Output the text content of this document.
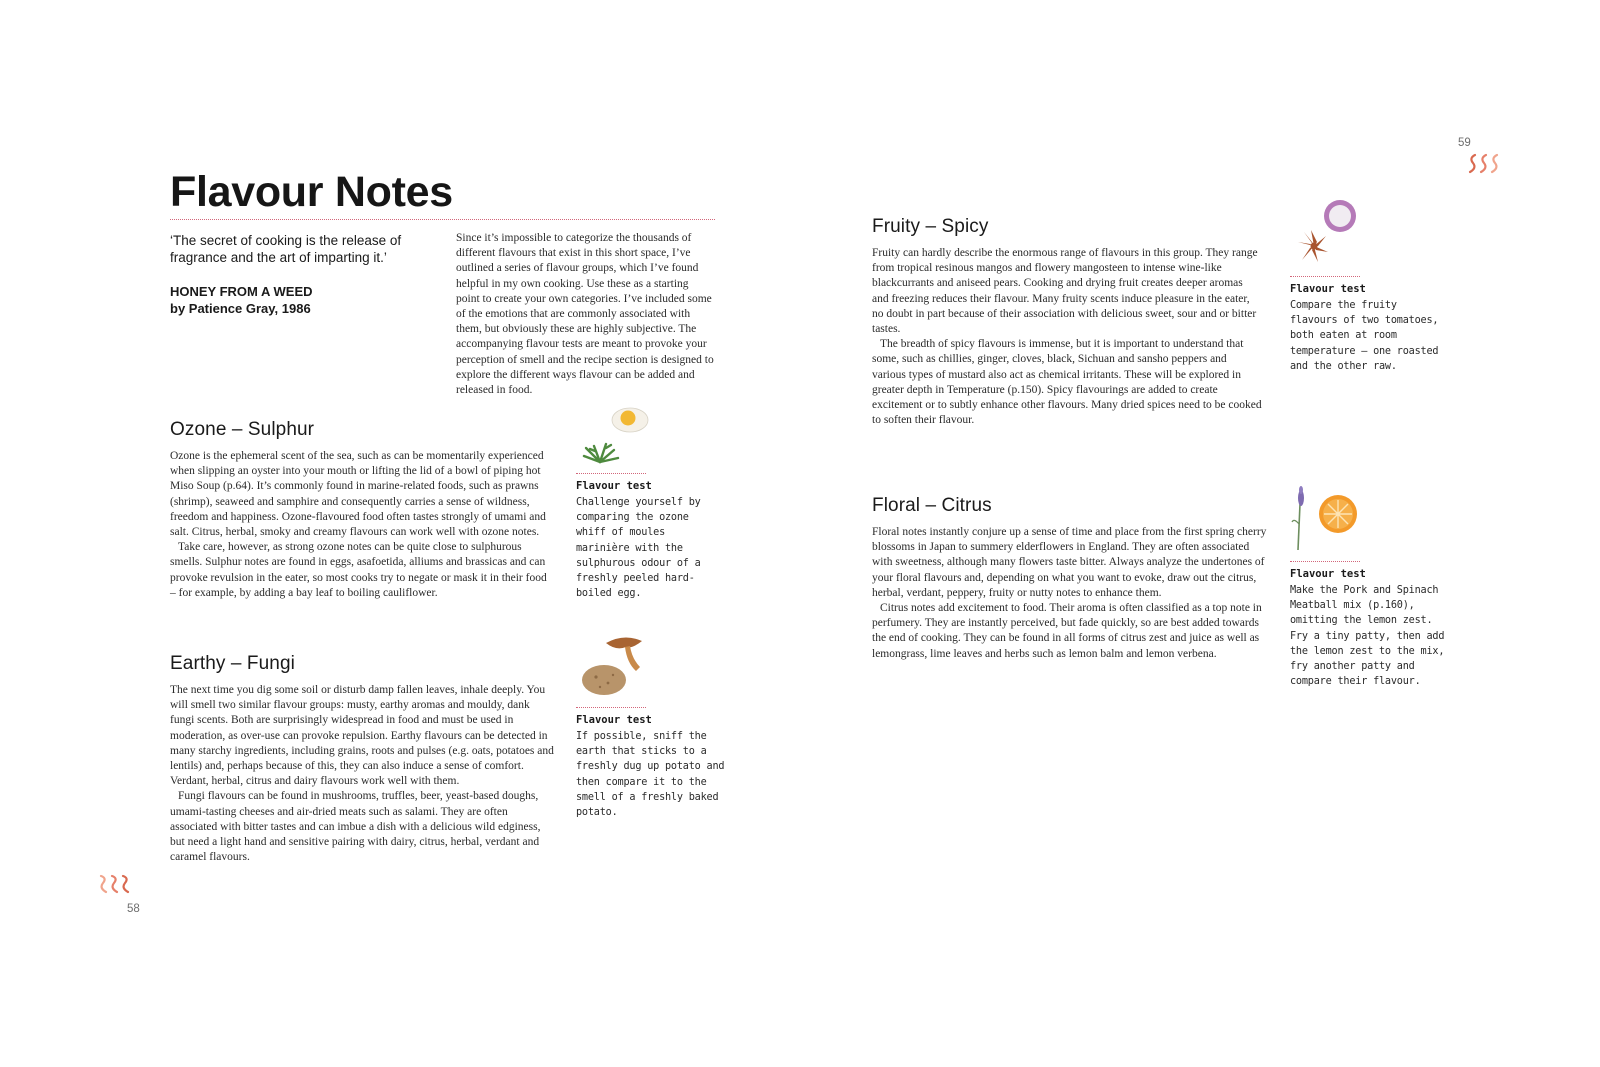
Flavour Notes
‘The secret of cooking is the release of fragrance and the art of imparting it.’
HONEY FROM A WEED
by Patience Gray, 1986

Since it’s impossible to categorize the thousands of different flavours that exist in this short space, I’ve outlined a series of flavour groups, which I’ve found helpful in my own cooking. Use these as a starting point to create your own categories. I’ve included some of the emotions that are commonly associated with them, but obviously these are highly subjective. The accompanying flavour tests are meant to provoke your perception of smell and the recipe section is designed to explore the different ways flavour can be added and released in food.

Ozone – Sulphur

Ozone is the ephemeral scent of the sea, such as can be momentarily experienced when slipping an oyster into your mouth or lifting the lid of a bowl of piping hot Miso Soup (p.64). It’s commonly found in marine-related foods, such as prawns (shrimp), seaweed and samphire and consequently carries a sense of wildness, freedom and happiness. Ozone-flavoured food often tastes strongly of umami and salt. Citrus, herbal, smoky and creamy flavours can work well with ozone notes.

Take care, however, as strong ozone notes can be quite close to sulphurous smells. Sulphur notes are found in eggs, asafoetida, alliums and brassicas and can provoke revulsion in the eater, so most cooks try to negate or mask it in their food – for example, by adding a bay leaf to boiling cauliflower.

Flavour test
Challenge yourself by comparing the ozone whiff of moules marinière with the sulphurous odour of a freshly peeled hard-boiled egg.
Earthy – Fungi

The next time you dig some soil or disturb damp fallen leaves, inhale deeply. You will smell two similar flavour groups: musty, earthy aromas and mouldy, dank fungi scents. Both are surprisingly widespread in food and must be used in moderation, as over-use can provoke repulsion. Earthy flavours can be detected in many starchy ingredients, including grains, roots and pulses (e.g. oats, potatoes and lentils) and, perhaps because of this, they can also induce a sense of comfort. Verdant, herbal, citrus and dairy flavours work well with them.

Fungi flavours can be found in mushrooms, truffles, beer, yeast-based doughs, umami-tasting cheeses and air-dried meats such as salami. They are often associated with bitter tastes and can imbue a dish with a delicious wild edginess, but need a light hand and sensitive pairing with dairy, citrus, herbal, verdant and caramel flavours.

Flavour test
If possible, sniff the earth that sticks to a freshly dug up potato and then compare it to the smell of a freshly baked potato.
58
59
Fruity – Spicy

Fruity can hardly describe the enormous range of flavours in this group. They range from tropical resinous mangos and flowery mangosteen to intense wine-like blackcurrants and aniseed pears. Cooking and drying fruit creates deeper aromas and freezing reduces their flavour. Many fruity scents induce pleasure in the eater, no doubt in part because of their association with delicious sweet, sour and or bitter tastes.

The breadth of spicy flavours is immense, but it is important to understand that some, such as chillies, ginger, cloves, black, Sichuan and sansho peppers and various types of mustard also act as chemical irritants. These will be explored in greater depth in Temperature (p.150). Spicy flavourings are added to create excitement or to subtly enhance other flavours. Many dried spices need to be cooked to soften their flavour.

Flavour test
Compare the fruity flavours of two tomatoes, both eaten at room temperature – one roasted and the other raw.
Floral – Citrus

Floral notes instantly conjure up a sense of time and place from the first spring cherry blossoms in Japan to summery elderflowers in England. They are often associated with sweetness, although many flowers taste bitter. Always analyze the undertones of your floral flavours and, depending on what you want to evoke, draw out the citrus, herbal, verdant, peppery, fruity or nutty notes to enhance them.

Citrus notes add excitement to food. Their aroma is often classified as a top note in perfumery. They are instantly perceived, but fade quickly, so are best added towards the end of cooking. They can be found in all forms of citrus zest and juice as well as lemongrass, lime leaves and herbs such as lemon balm and lemon verbena.

Flavour test
Make the Pork and Spinach Meatball mix (p.160), omitting the lemon zest. Fry a tiny patty, then add the lemon zest to the mix, fry another patty and compare their flavour.
